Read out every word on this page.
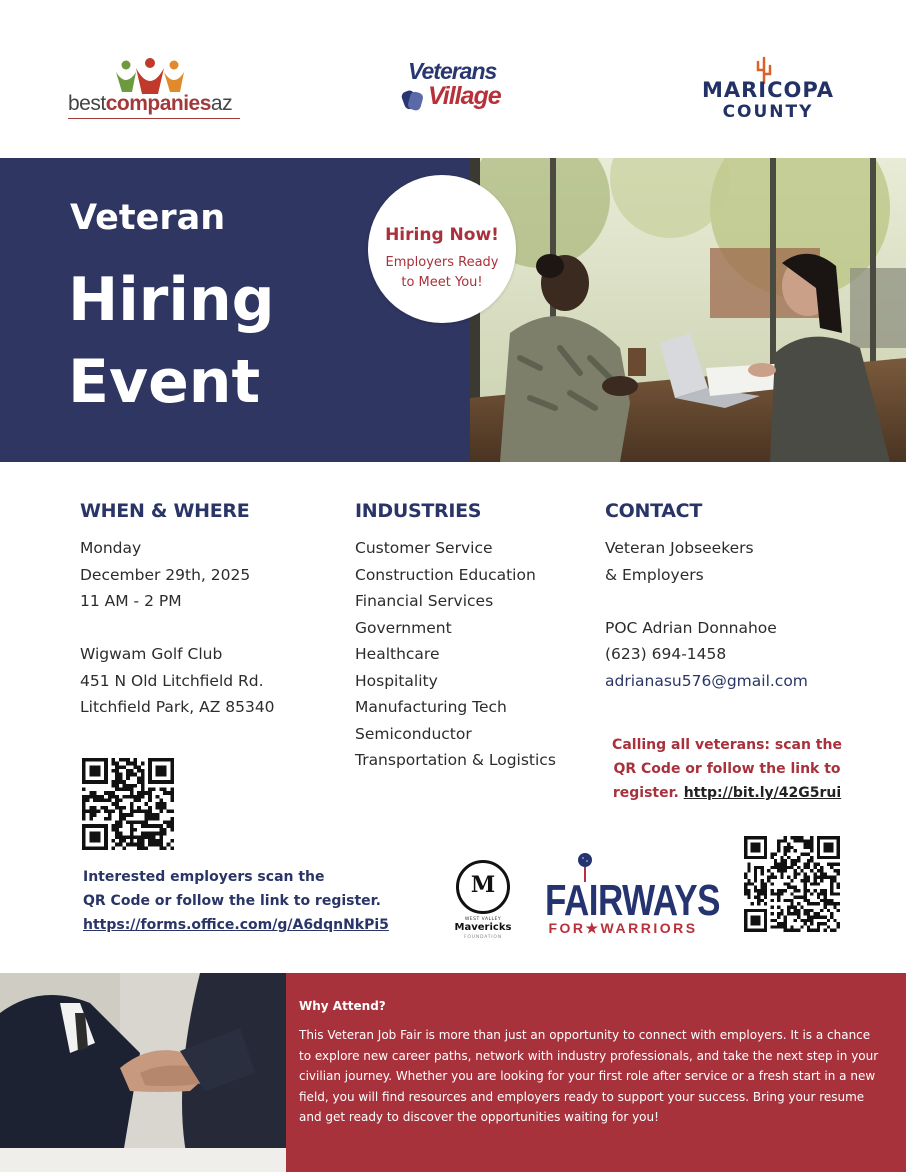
bestcompaniesaz
Veterans
Village	MARICOPA
COUNTY
Veteran
Hiring
Event
Hiring Now!
Employers Ready
to Meet You!
WHEN & WHERE
Monday
December 29th, 2025
11 AM - 2 PM
Wigwam Golf Club
451 N Old Litchfield Rd.
Litchfield Park, AZ 85340
INDUSTRIES
Customer Service
Construction Education
Financial Services
Government
Healthcare
Hospitality
Manufacturing Tech
Semiconductor
Transportation & Logistics
CONTACT
Veteran Jobseekers
& Employers
POC Adrian Donnahoe
(623) 694-1458
adrianasu576@gmail.com
Calling all veterans: scan the
QR Code or follow the link to
register. http://bit.ly/42G5rui
Interested employers scan the
QR Code or follow the link to register.
https://forms.office.com/g/A6dqnNkPi5
M
WEST VALLEY
Mavericks
FOUNDATION
FAIRWAYS
FOR★WARRIORS
Why Attend?
This Veteran Job Fair is more than just an opportunity to connect with employers. It is a chance to explore new career paths, network with industry professionals, and take the next step in your civilian journey. Whether you are looking for your first role after service or a fresh start in a new field, you will find resources and employers ready to support your success. Bring your resume and get ready to discover the opportunities waiting for you!
